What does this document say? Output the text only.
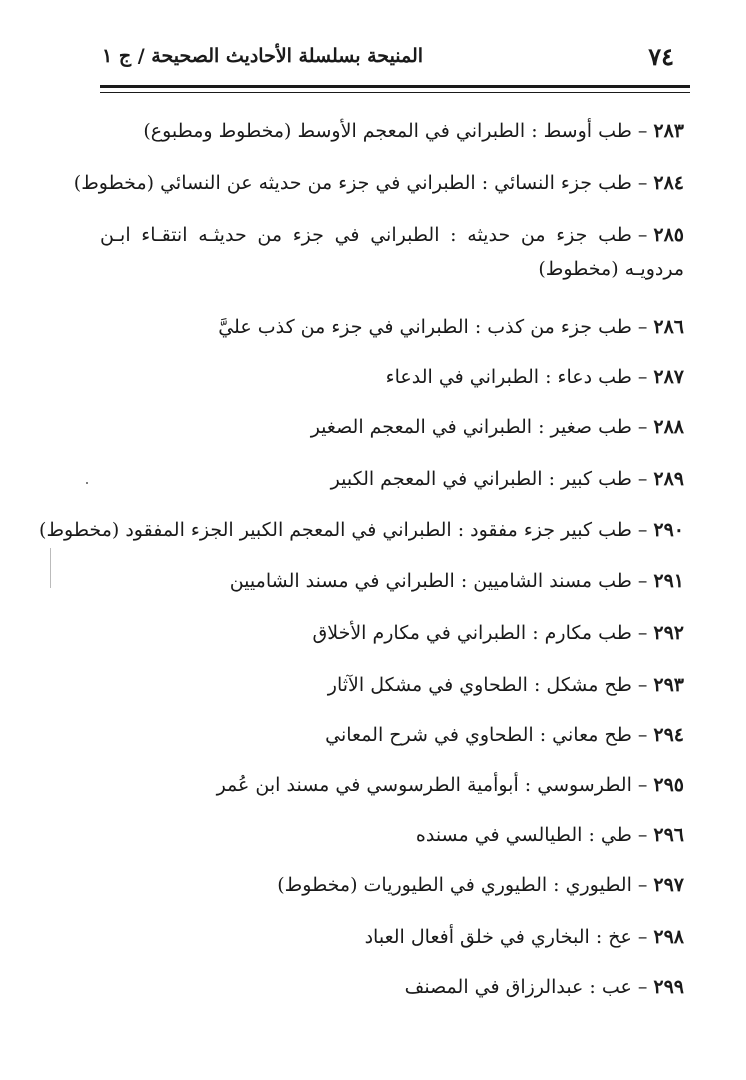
٧٤
المنيحة بسلسلة الأحاديث الصحيحة / ج ١
٢٨٣–طب أوسط : الطبراني في المعجم الأوسط (مخطوط ومطبوع)
٢٨٤–طب جزء النسائي : الطبراني في جزء من حديثه عن النسائي (مخطوط)
٢٨٥–طب جزء من حديثه : الطبراني في جزء من حديثـه انتقـاء ابـن مردويـه (مخطوط)
٢٨٦–طب جزء من كذب : الطبراني في جزء من كذب عليَّ
٢٨٧–طب دعاء : الطبراني في الدعاء
٢٨٨–طب صغير : الطبراني في المعجم الصغير
٢٨٩–طب كبير : الطبراني في المعجم الكبير
٢٩٠–طب كبير جزء مفقود : الطبراني في المعجم الكبير الجزء المفقود (مخطوط)
٢٩١–طب مسند الشاميين : الطبراني في مسند الشاميين
٢٩٢–طب مكارم : الطبراني في مكارم الأخلاق
٢٩٣–طح مشكل : الطحاوي في مشكل الآثار
٢٩٤–طح معاني : الطحاوي في شرح المعاني
٢٩٥–الطرسوسي : أبوأمية الطرسوسي في مسند ابن عُمر
٢٩٦–طي : الطيالسي في مسنده
٢٩٧–الطيوري : الطيوري في الطيوريات (مخطوط)
٢٩٨–عخ : البخاري في خلق أفعال العباد
٢٩٩–عب : عبدالرزاق في المصنف
